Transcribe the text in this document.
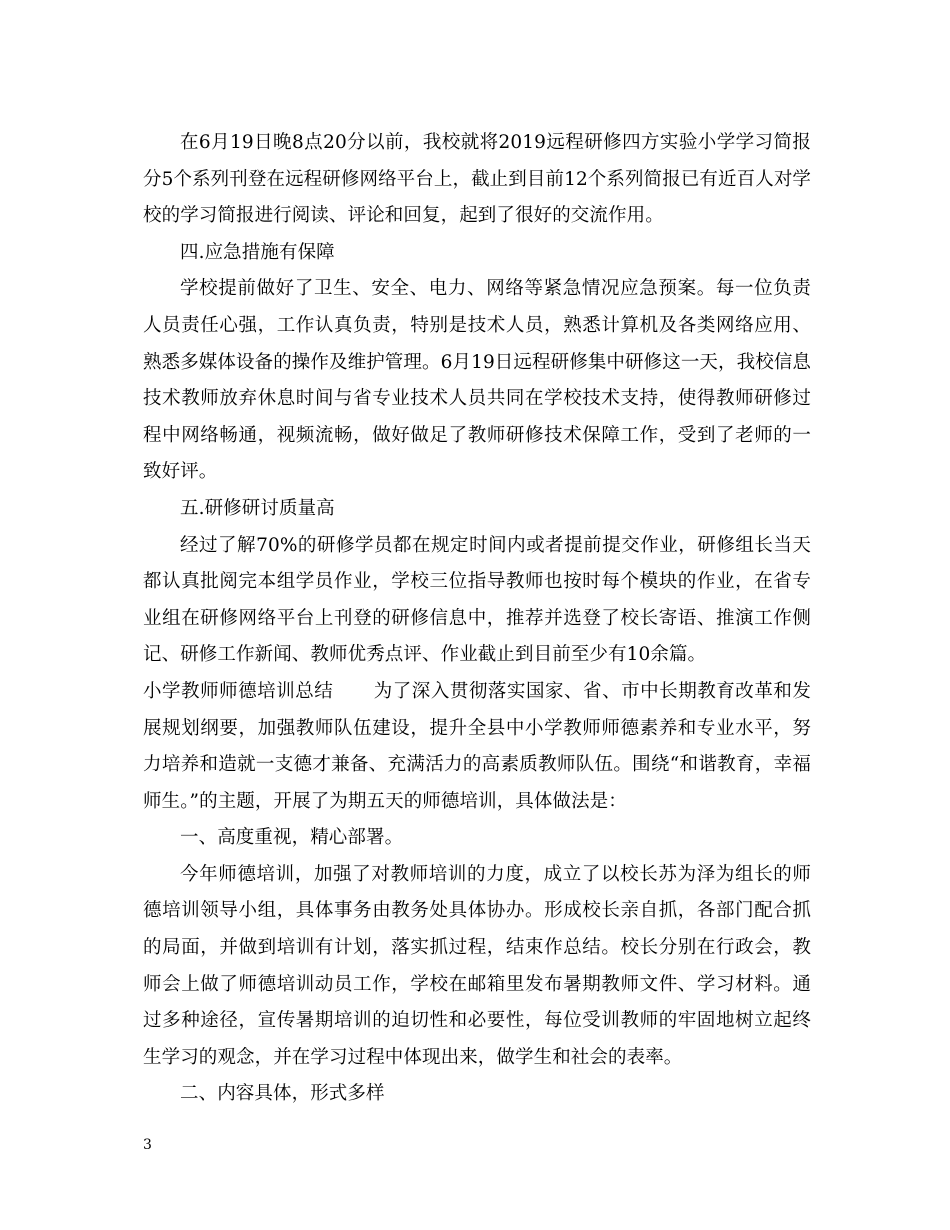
在6月19日晚8点20分以前，我校就将2019远程研修四方实验小学学习简报分5个系列刊登在远程研修网络平台上，截止到目前12个系列简报已有近百人对学校的学习简报进行阅读、评论和回复，起到了很好的交流作用。

四.应急措施有保障

学校提前做好了卫生、安全、电力、网络等紧急情况应急预案。每一位负责人员责任心强，工作认真负责，特别是技术人员，熟悉计算机及各类网络应用、熟悉多媒体设备的操作及维护管理。6月19日远程研修集中研修这一天，我校信息技术教师放弃休息时间与省专业技术人员共同在学校技术支持，使得教师研修过程中网络畅通，视频流畅，做好做足了教师研修技术保障工作，受到了老师的一致好评。

五.研修研讨质量高

经过了解70%的研修学员都在规定时间内或者提前提交作业，研修组长当天都认真批阅完本组学员作业，学校三位指导教师也按时每个模块的作业，在省专业组在研修网络平台上刊登的研修信息中，推荐并选登了校长寄语、推演工作侧记、研修工作新闻、教师优秀点评、作业截止到目前至少有10余篇。

小学教师师德培训总结 为了深入贯彻落实国家、省、市中长期教育改革和发展规划纲要，加强教师队伍建设，提升全县中小学教师师德素养和专业水平，努力培养和造就一支德才兼备、充满活力的高素质教师队伍。围绕“和谐教育，幸福师生。”的主题，开展了为期五天的师德培训，具体做法是：

一、高度重视，精心部署。

今年师德培训，加强了对教师培训的力度，成立了以校长苏为泽为组长的师德培训领导小组，具体事务由教务处具体协办。形成校长亲自抓，各部门配合抓的局面，并做到培训有计划，落实抓过程，结束作总结。校长分别在行政会，教师会上做了师德培训动员工作，学校在邮箱里发布暑期教师文件、学习材料。通过多种途径，宣传暑期培训的迫切性和必要性，每位受训教师的牢固地树立起终生学习的观念，并在学习过程中体现出来，做学生和社会的表率。

二、内容具体，形式多样

3
